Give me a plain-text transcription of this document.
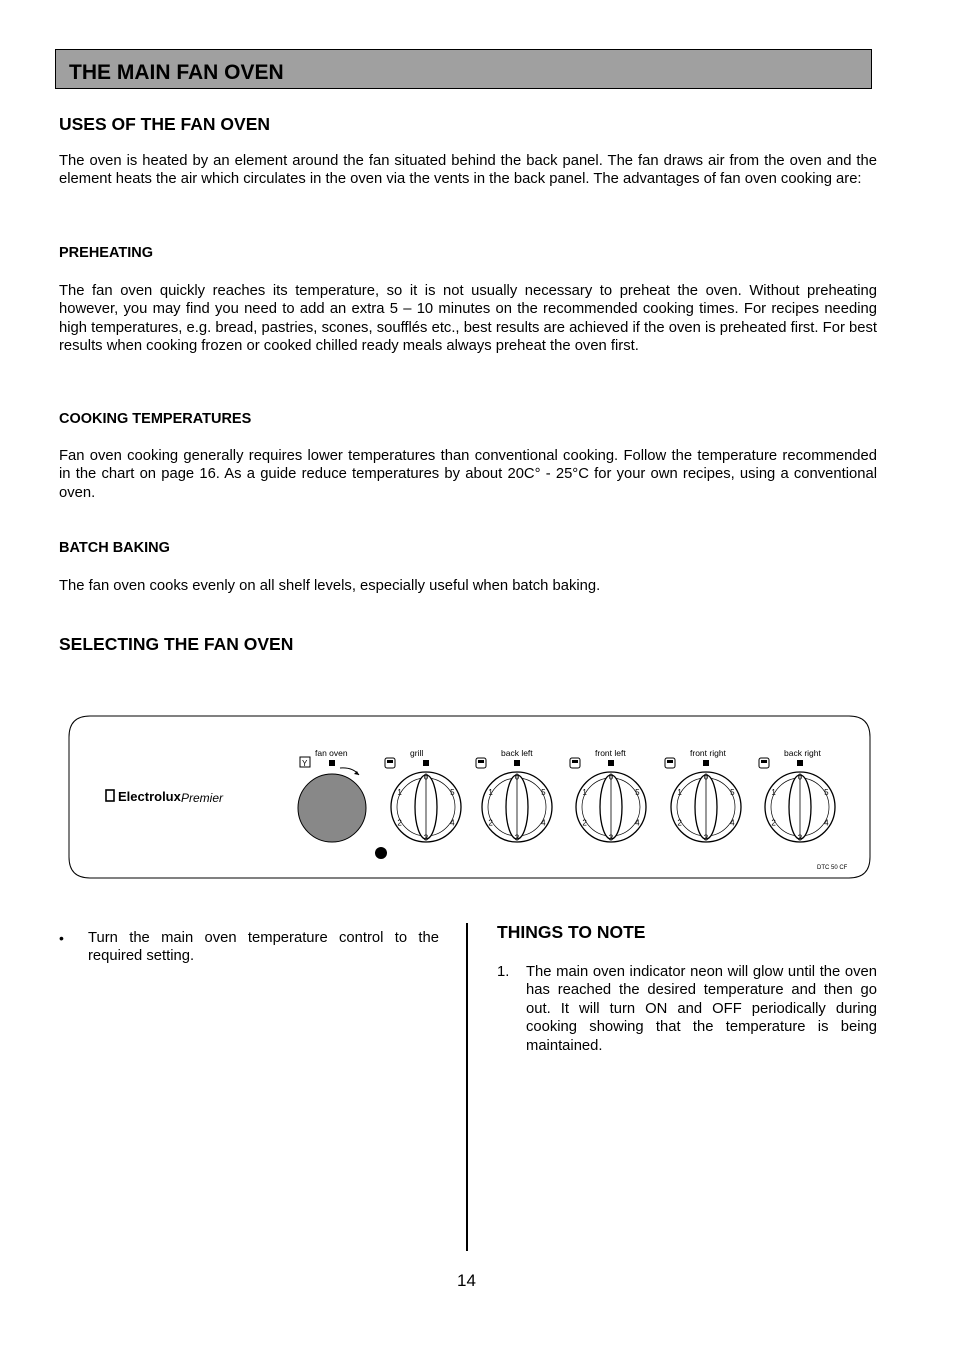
THE MAIN FAN OVEN
USES OF THE FAN OVEN
The oven is heated by an element around the fan situated behind the back panel. The fan draws air from the oven and the element heats the air which circulates in the oven via the vents in the back panel. The advantages of fan oven cooking are:
PREHEATING
The fan oven quickly reaches its temperature, so it is not usually necessary to preheat the oven. Without preheating however, you may find you need to add an extra 5 – 10 minutes on the recommended cooking times. For recipes needing high temperatures, e.g. bread, pastries, scones, soufflés etc., best results are achieved if the oven is preheated first. For best results when cooking frozen or cooked chilled ready meals always preheat the oven first.
COOKING TEMPERATURES
Fan oven cooking generally requires lower temperatures than conventional cooking. Follow the temperature recommended in the chart on page 16. As a guide reduce temperatures by about 20C° - 25°C for your own recipes, using a conventional oven.
BATCH BAKING
The fan oven cooks evenly on all shelf levels, especially useful when batch baking.
SELECTING THE FAN OVEN
Electrolux Premier
Y
fan oven	grill
0
1
2
3
4
5
back left
0
1
2
3
4
5
front left
0
1
2
3
4
5
front right
0
1
2
3
4
5
back right
0
1
2
3
4
5
DTC 50 CF
• Turn the main oven temperature control to the required setting.
THINGS TO NOTE
1. The main oven indicator neon will glow until the oven has reached the desired temperature and then go out. It will turn ON and OFF periodically during cooking showing that the temperature is being maintained.
14
